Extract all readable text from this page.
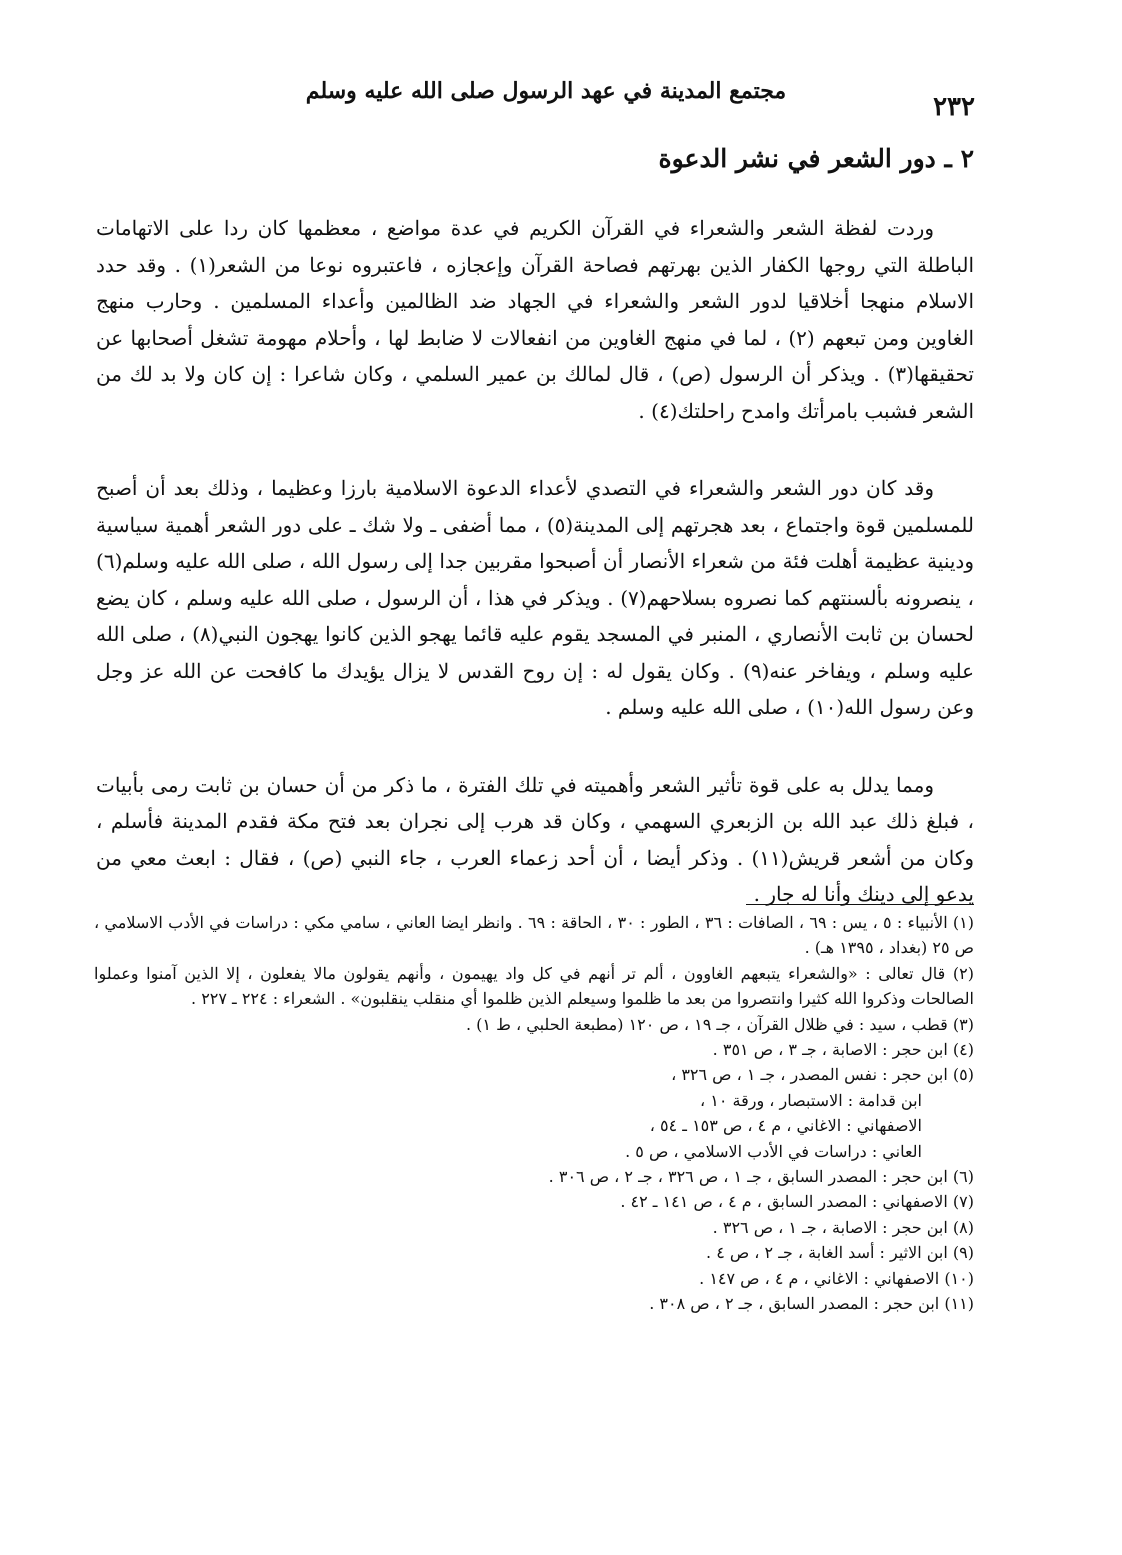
مجتمع المدينة في عهد الرسول صلى الله عليه وسلم
٢٣٢
٢ ـ دور الشعر في نشر الدعوة

وردت لفظة الشعر والشعراء في القرآن الكريم في عدة مواضع ، معظمها كان ردا على الاتهامات الباطلة التي روجها الكفار الذين بهرتهم فصاحة القرآن وإعجازه ، فاعتبروه نوعا من الشعر(١) . وقد حدد الاسلام منهجا أخلاقيا لدور الشعر والشعراء في الجهاد ضد الظالمين وأعداء المسلمين . وحارب منهج الغاوين ومن تبعهم (٢) ، لما في منهج الغاوين من انفعالات لا ضابط لها ، وأحلام مهومة تشغل أصحابها عن تحقيقها(٣) . ويذكر أن الرسول (ص) ، قال لمالك بن عمير السلمي ، وكان شاعرا : إن كان ولا بد لك من الشعر فشبب بامرأتك وامدح راحلتك(٤) .

وقد كان دور الشعر والشعراء في التصدي لأعداء الدعوة الاسلامية بارزا وعظيما ، وذلك بعد أن أصبح للمسلمين قوة واجتماع ، بعد هجرتهم إلى المدينة(٥) ، مما أضفى ـ ولا شك ـ على دور الشعر أهمية سياسية ودينية عظيمة أهلت فئة من شعراء الأنصار أن أصبحوا مقربين جدا إلى رسول الله ، صلى الله عليه وسلم(٦) ، ينصرونه بألسنتهم كما نصروه بسلاحهم(٧) . ويذكر في هذا ، أن الرسول ، صلى الله عليه وسلم ، كان يضع لحسان بن ثابت الأنصاري ، المنبر في المسجد يقوم عليه قائما يهجو الذين كانوا يهجون النبي(٨) ، صلى الله عليه وسلم ، ويفاخر عنه(٩) . وكان يقول له : إن روح القدس لا يزال يؤيدك ما كافحت عن الله عز وجل وعن رسول الله(١٠) ، صلى الله عليه وسلم .

ومما يدلل به على قوة تأثير الشعر وأهميته في تلك الفترة ، ما ذكر من أن حسان بن ثابت رمى بأبيات ، فبلغ ذلك عبد الله بن الزبعري السهمي ، وكان قد هرب إلى نجران بعد فتح مكة فقدم المدينة فأسلم ، وكان من أشعر قريش(١١) . وذكر أيضا ، أن أحد زعماء العرب ، جاء النبي (ص) ، فقال : ابعث معي من يدعو إلى دينك وأنا له جار .

(١) الأنبياء : ٥ ، يس : ٦٩ ، الصافات : ٣٦ ، الطور : ٣٠ ، الحاقة : ٦٩ . وانظر ايضا العاني ، سامي مكي : دراسات في الأدب الاسلامي ، ص ٢٥ (بغداد ، ١٣٩٥ هـ) .
(٢) قال تعالى : «والشعراء يتبعهم الغاوون ، ألم تر أنهم في كل واد يهيمون ، وأنهم يقولون مالا يفعلون ، إلا الذين آمنوا وعملوا الصالحات وذكروا الله كثيرا وانتصروا من بعد ما ظلموا وسيعلم الذين ظلموا أي منقلب ينقلبون» . الشعراء : ٢٢٤ ـ ٢٢٧ .
(٣) قطب ، سيد : في ظلال القرآن ، جـ ١٩ ، ص ١٢٠ (مطبعة الحلبي ، ط ١) .
(٤) ابن حجر : الاصابة ، جـ ٣ ، ص ٣٥١ .
(٥) ابن حجر : نفس المصدر ، جـ ١ ، ص ٣٢٦ ،
ابن قدامة : الاستبصار ، ورقة ١٠ ،
الاصفهاني : الاغاني ، م ٤ ، ص ١٥٣ ـ ٥٤ ،
العاني : دراسات في الأدب الاسلامي ، ص ٥ .
(٦) ابن حجر : المصدر السابق ، جـ ١ ، ص ٣٢٦ ، جـ ٢ ، ص ٣٠٦ .
(٧) الاصفهاني : المصدر السابق ، م ٤ ، ص ١٤١ ـ ٤٢ .
(٨) ابن حجر : الاصابة ، جـ ١ ، ص ٣٢٦ .
(٩) ابن الاثير : أسد الغابة ، جـ ٢ ، ص ٤ .
(١٠) الاصفهاني : الاغاني ، م ٤ ، ص ١٤٧ .
(١١) ابن حجر : المصدر السابق ، جـ ٢ ، ص ٣٠٨ .
